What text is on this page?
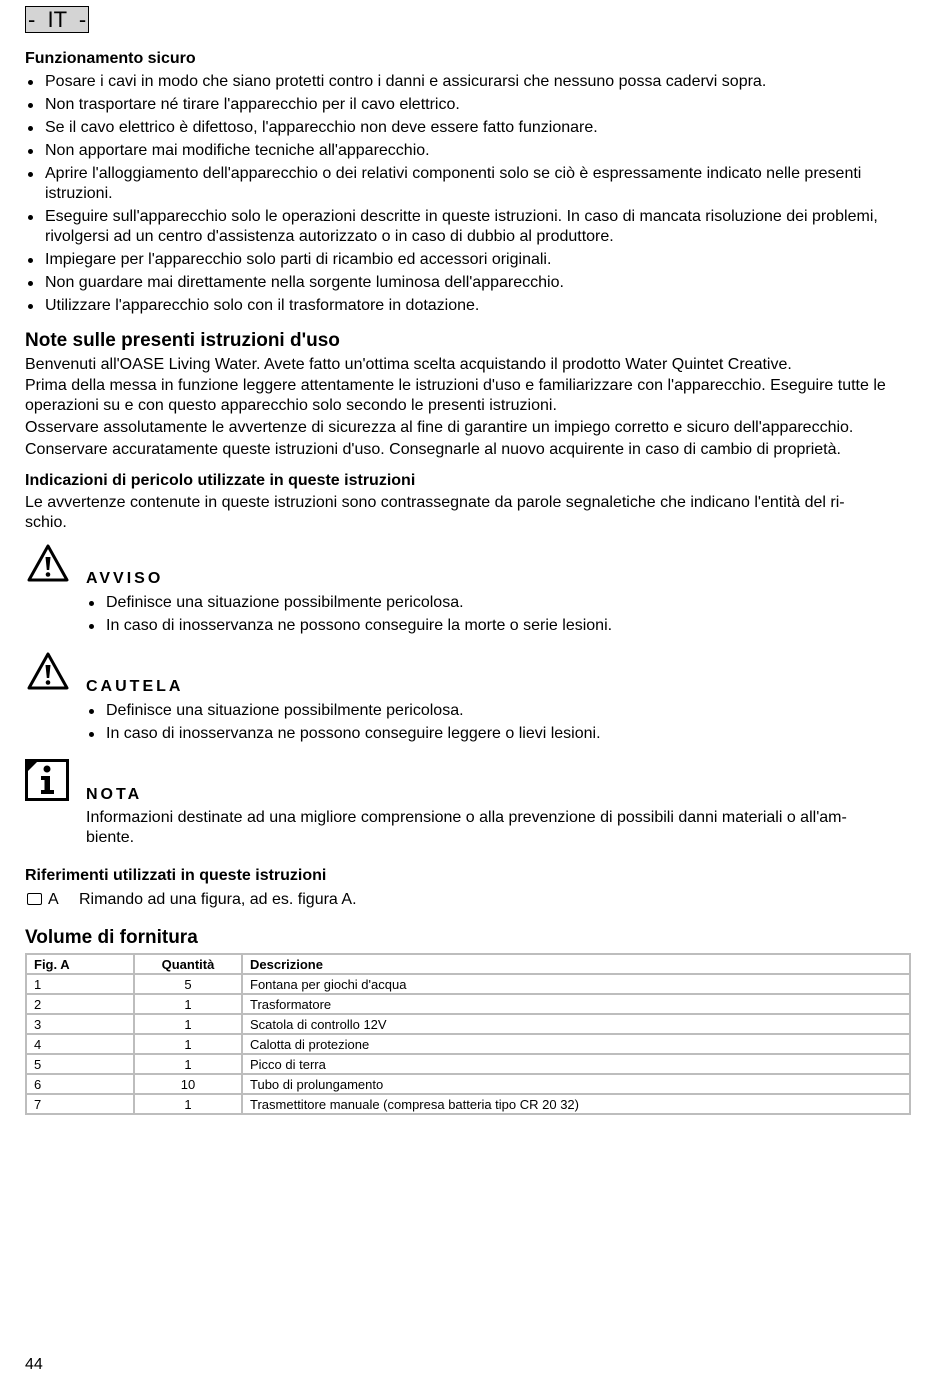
-  IT  -
Funzionamento sicuro
Posare i cavi in modo che siano protetti contro i danni e assicurarsi che nessuno possa cadervi sopra.
Non trasportare né tirare l'apparecchio per il cavo elettrico.
Se il cavo elettrico è difettoso, l'apparecchio non deve essere fatto funzionare.
Non apportare mai modifiche tecniche all'apparecchio.
Aprire l'alloggiamento dell'apparecchio o dei relativi componenti solo se ciò è espressamente indicato nelle presenti istruzioni.
Eseguire sull'apparecchio solo le operazioni descritte in queste istruzioni. In caso di mancata risoluzione dei problemi, rivolgersi ad un centro d'assistenza autorizzato o in caso di dubbio al produttore.
Impiegare per l'apparecchio solo parti di ricambio ed accessori originali.
Non guardare mai direttamente nella sorgente luminosa dell'apparecchio.
Utilizzare l'apparecchio solo con il trasformatore in dotazione.
Note sulle presenti istruzioni d'uso
Benvenuti all'OASE Living Water. Avete fatto un'ottima scelta acquistando il prodotto Water Quintet Creative.
Prima della messa in funzione leggere attentamente le istruzioni d'uso e familiarizzare con l'apparecchio. Eseguire tutte le operazioni su e con questo apparecchio solo secondo le presenti istruzioni.
Osservare assolutamente le avvertenze di sicurezza al fine di garantire un impiego corretto e sicuro dell'apparecchio.
Conservare accuratamente queste istruzioni d'uso. Consegnarle al nuovo acquirente in caso di cambio di proprietà.
Indicazioni di pericolo utilizzate in queste istruzioni
Le avvertenze contenute in queste istruzioni sono contrassegnate da parole segnaletiche che indicano l'entità del ri-
schio.
AVVISO
Definisce una situazione possibilmente pericolosa.
In caso di inosservanza ne possono conseguire la morte o serie lesioni.
CAUTELA
Definisce una situazione possibilmente pericolosa.
In caso di inosservanza ne possono conseguire leggere o lievi lesioni.
NOTA
Informazioni destinate ad una migliore comprensione o alla prevenzione di possibili danni materiali o all'am-
biente.
Riferimenti utilizzati in queste istruzioni
A Rimando ad una figura, ad es. figura A.
Volume di fornitura
Fig. A	Quantità	Descrizione
1	5	Fontana per giochi d'acqua
2	1	Trasformatore
3	1	Scatola di controllo 12V
4	1	Calotta di protezione
5	1	Picco di terra
6	10	Tubo di prolungamento
7	1	Trasmettitore manuale (compresa batteria tipo CR 20 32)
44
